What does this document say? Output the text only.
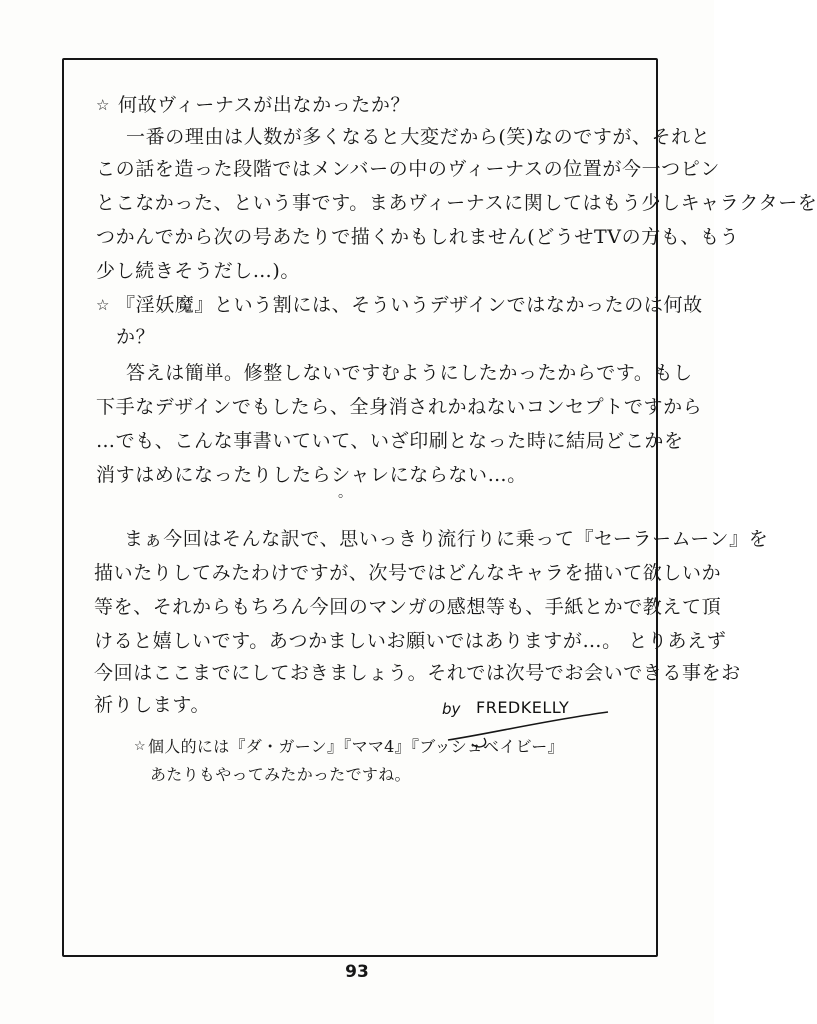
☆ 何故ヴィーナスが出なかったか？
一番の理由は人数が多くなると大変だから(笑)なのですが、それと
この話を造った段階ではメンバーの中のヴィーナスの位置が今一つピン
とこなかった、という事です。まあヴィーナスに関してはもう少しキャラクターを
つかんでから次の号あたりで描くかもしれません(どうせTVの方も、もう
少し続きそうだし…)。
☆ 『淫妖魔』という割には、そういうデザインではなかったのは何故
か？
答えは簡単。修整しないですむようにしたかったからです。もし
下手なデザインでもしたら、全身消されかねないコンセプトですから
…でも、こんな事書いていて、いざ印刷となった時に結局どこかを
消すはめになったりしたらシャレにならない…。
。
まぁ今回はそんな訳で、思いっきり流行りに乗って『セーラームーン』を
描いたりしてみたわけですが、次号ではどんなキャラを描いて欲しいか
等を、それからもちろん今回のマンガの感想等も、手紙とかで教えて頂
けると嬉しいです。あつかましいお願いではありますが…。 とりあえず
今回はここまでにしておきましょう。それでは次号でお会いできる事をお
祈りします。	by FREDKELLY
☆ 個人的には『ダ・ガーン』『ママ4』『ブッシュベイビー』
あたりもやってみたかったですね。
93
